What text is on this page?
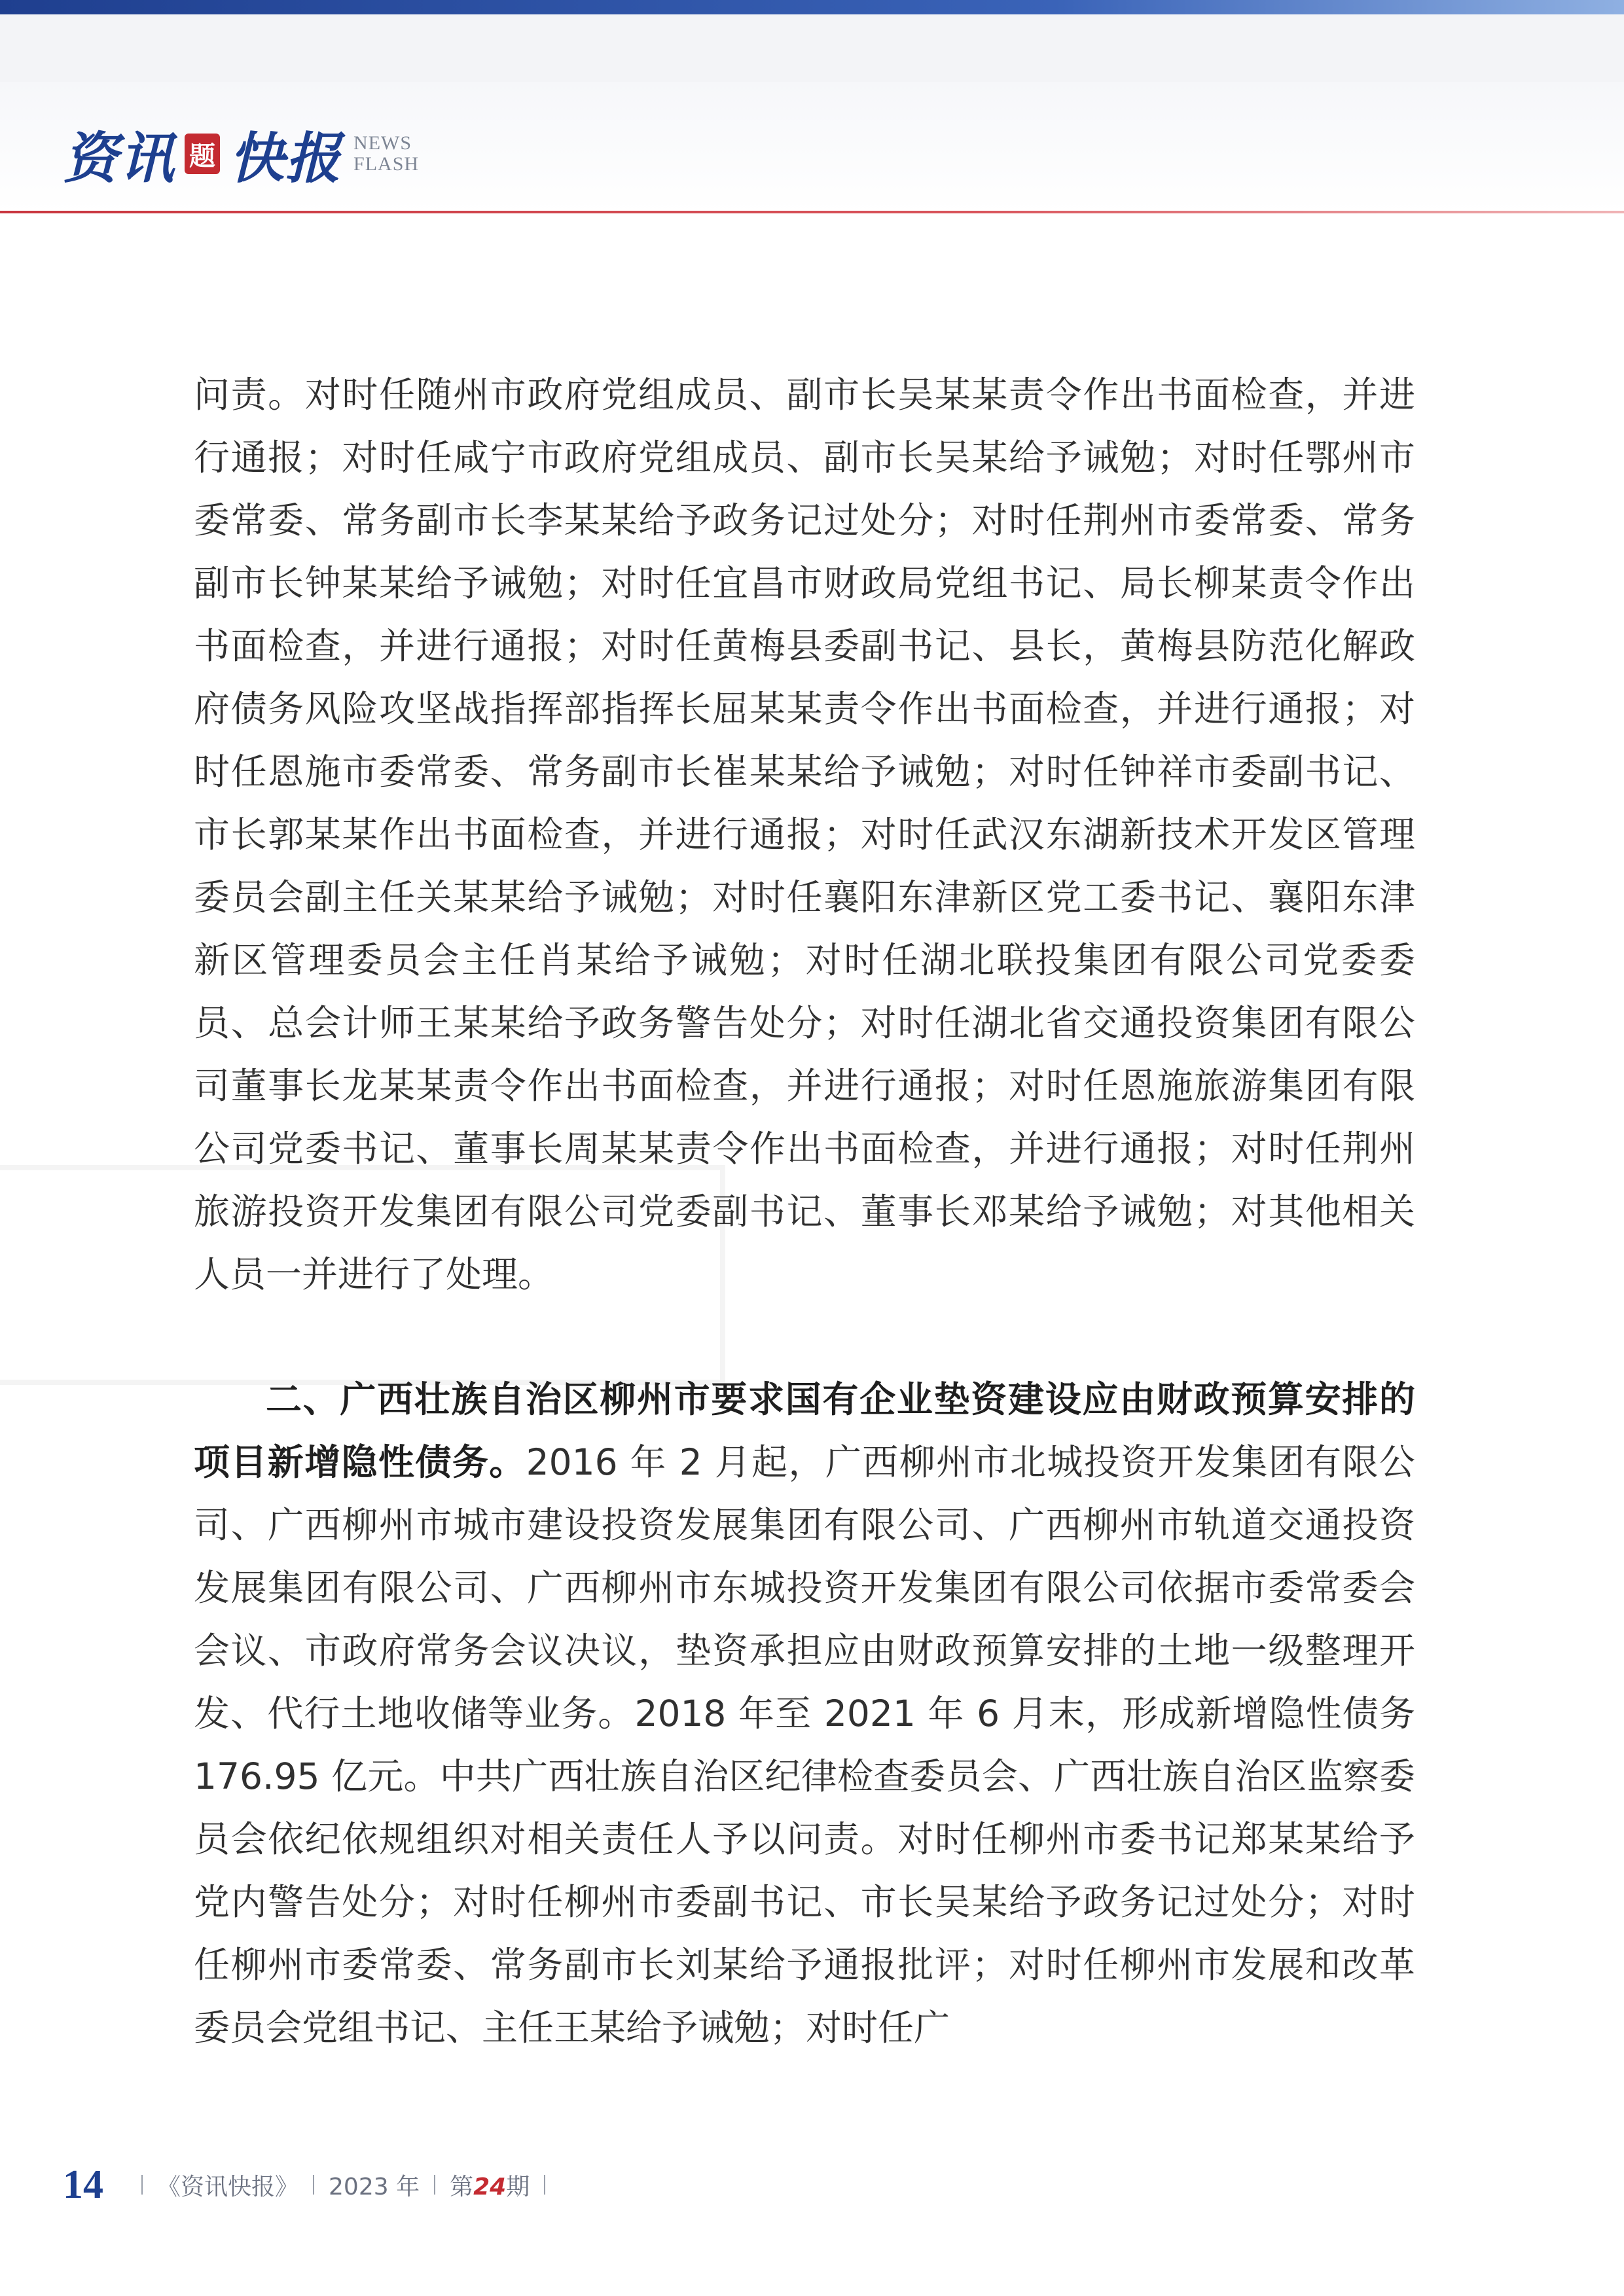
资讯 题 快报 NEWS
FLASH

问责。对时任随州市政府党组成员、副市长吴某某责令作出书面检查，并进行通报；对时任咸宁市政府党组成员、副市长吴某给予诫勉；对时任鄂州市委常委、常务副市长李某某给予政务记过处分；对时任荆州市委常委、常务副市长钟某某给予诫勉；对时任宜昌市财政局党组书记、局长柳某责令作出书面检查，并进行通报；对时任黄梅县委副书记、县长，黄梅县防范化解政府债务风险攻坚战指挥部指挥长屈某某责令作出书面检查，并进行通报；对时任恩施市委常委、常务副市长崔某某给予诫勉；对时任钟祥市委副书记、市长郭某某作出书面检查，并进行通报；对时任武汉东湖新技术开发区管理委员会副主任关某某给予诫勉；对时任襄阳东津新区党工委书记、襄阳东津新区管理委员会主任肖某给予诫勉；对时任湖北联投集团有限公司党委委员、总会计师王某某给予政务警告处分；对时任湖北省交通投资集团有限公司董事长龙某某责令作出书面检查，并进行通报；对时任恩施旅游集团有限公司党委书记、董事长周某某责令作出书面检查，并进行通报；对时任荆州旅游投资开发集团有限公司党委副书记、董事长邓某给予诫勉；对其他相关人员一并进行了处理。

二、广西壮族自治区柳州市要求国有企业垫资建设应由财政预算安排的项目新增隐性债务。2016 年 2 月起，广西柳州市北城投资开发集团有限公司、广西柳州市城市建设投资发展集团有限公司、广西柳州市轨道交通投资发展集团有限公司、广西柳州市东城投资开发集团有限公司依据市委常委会会议、市政府常务会议决议，垫资承担应由财政预算安排的土地一级整理开发、代行土地收储等业务。2018 年至 2021 年 6 月末，形成新增隐性债务 176.95 亿元。中共广西壮族自治区纪律检查委员会、广西壮族自治区监察委员会依纪依规组织对相关责任人予以问责。对时任柳州市委书记郑某某给予党内警告处分；对时任柳州市委副书记、市长吴某给予政务记过处分；对时任柳州市委常委、常务副市长刘某给予通报批评；对时任柳州市发展和改革委员会党组书记、主任王某给予诫勉；对时任广

14 《资讯快报》 2023 年 第24期
